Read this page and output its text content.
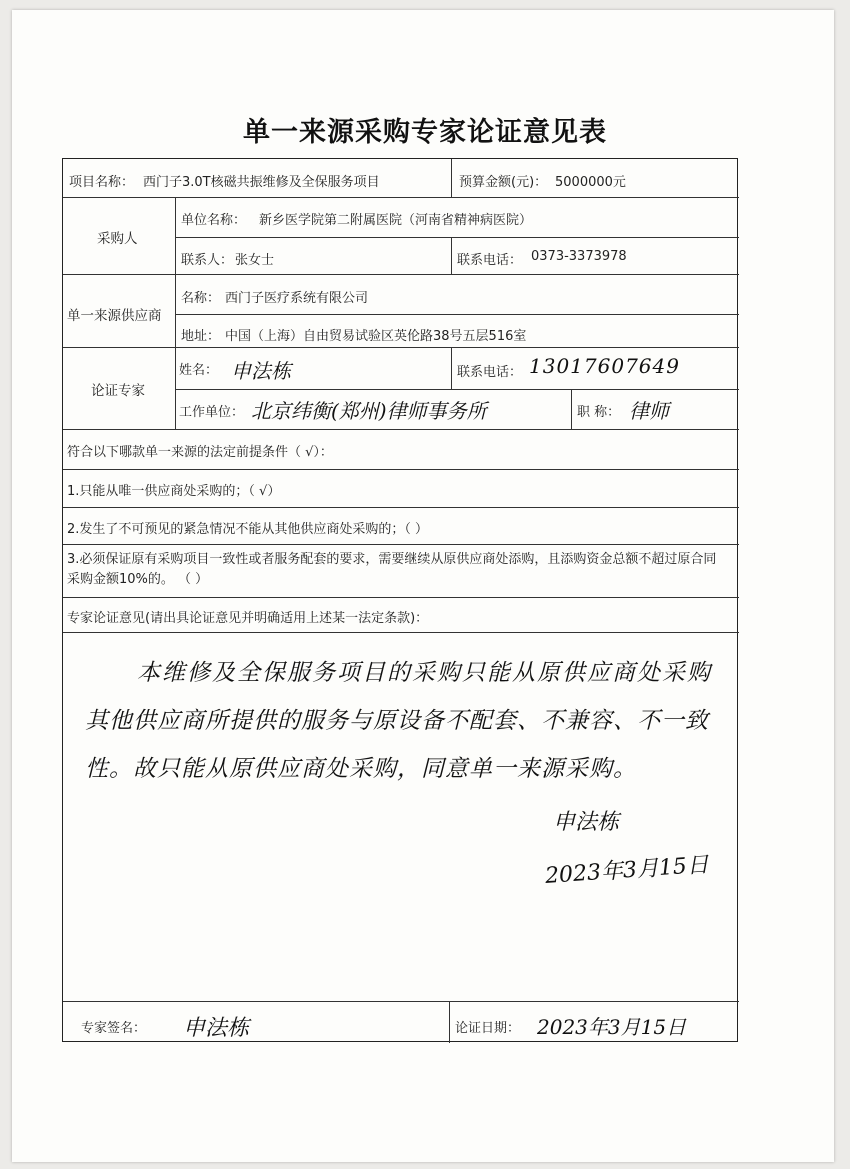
单一来源采购专家论证意见表
项目名称： 西门子3.0T核磁共振维修及全保服务项目	预算金额(元)： 5000000元
采购人
单位名称： 新乡医学院第二附属医院（河南省精神病医院）
联系人： 张女士	联系电话： 0373-3373978
单一来源供应商
名称： 西门子医疗系统有限公司
地址： 中国（上海）自由贸易试验区英伦路38号五层516室
论证专家
姓名： 申法栋	联系电话： 13017607649
工作单位： 北京纬衡(郑州)律师事务所	职 称： 律师
符合以下哪款单一来源的法定前提条件（ √）：
1.只能从唯一供应商处采购的；（ √）
2.发生了不可预见的紧急情况不能从其他供应商处采购的；（ ）
3.必须保证原有采购项目一致性或者服务配套的要求，需要继续从原供应商处添购，且添购资金总额不超过原合同采购金额10%的。 （ ）
专家论证意见(请出具论证意见并明确适用上述某一法定条款)：
本维修及全保服务项目的采购只能从原供应商处采购
其他供应商所提供的服务与原设备不配套、不兼容、不一致
性。故只能从原供应商处采购，同意单一来源采购。
申法栋
2023年3月15日
专家签名： 申法栋	论证日期： 2023年3月15日
